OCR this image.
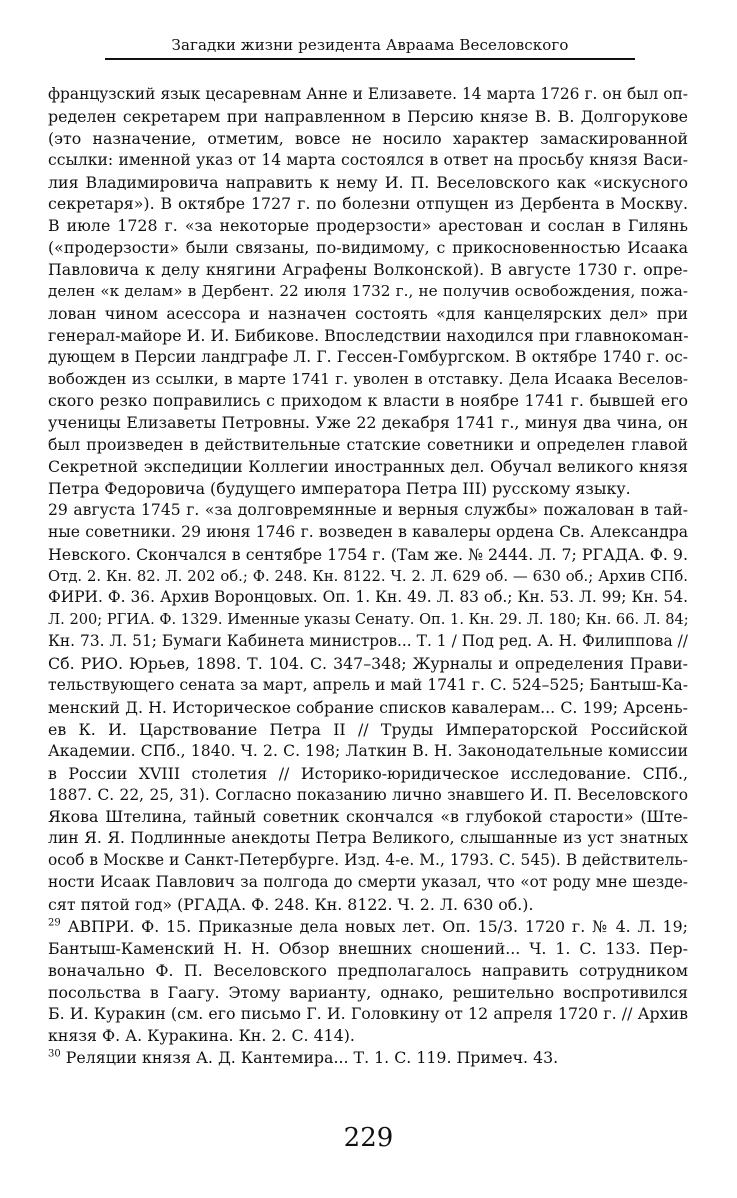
Загадки жизни резидента Авраама Веселовского
французский язык цесаревнам Анне и Елизавете. 14 марта 1726 г. он был оп-
ределен секретарем при направленном в Персию князе В. В. Долгорукове
(это назначение, отметим, вовсе не носило характер замаскированной
ссылки: именной указ от 14 марта состоялся в ответ на просьбу князя Васи-
лия Владимировича направить к нему И. П. Веселовского как «искусного
секретаря»). В октябре 1727 г. по болезни отпущен из Дербента в Москву.
В июле 1728 г. «за некоторые продерзости» арестован и сослан в Гилянь
(«продерзости» были связаны, по-видимому, с прикосновенностью Исаака
Павловича к делу княгини Аграфены Волконской). В августе 1730 г. опре-
делен «к делам» в Дербент. 22 июля 1732 г., не получив освобождения, пожа-
лован чином асессора и назначен состоять «для канцелярских дел» при
генерал-майоре И. И. Бибикове. Впоследствии находился при главнокоман-
дующем в Персии ландграфе Л. Г. Гессен-Гомбургском. В октябре 1740 г. ос-
вобожден из ссылки, в марте 1741 г. уволен в отставку. Дела Исаака Веселов-
ского резко поправились с приходом к власти в ноябре 1741 г. бывшей его
ученицы Елизаветы Петровны. Уже 22 декабря 1741 г., минуя два чина, он
был произведен в действительные статские советники и определен главой
Секретной экспедиции Коллегии иностранных дел. Обучал великого князя
Петра Федоровича (будущего императора Петра III) русскому языку.
29 августа 1745 г. «за долговремянные и верныя службы» пожалован в тай-
ные советники. 29 июня 1746 г. возведен в кавалеры ордена Св. Александра
Невского. Скончался в сентябре 1754 г. (Там же. № 2444. Л. 7; РГАДА. Ф. 9.
Отд. 2. Кн. 82. Л. 202 об.; Ф. 248. Кн. 8122. Ч. 2. Л. 629 об. — 630 об.; Архив СПб.
ФИРИ. Ф. 36. Архив Воронцовых. Оп. 1. Кн. 49. Л. 83 об.; Кн. 53. Л. 99; Кн. 54.
Л. 200; РГИА. Ф. 1329. Именные указы Сенату. Оп. 1. Кн. 29. Л. 180; Кн. 66. Л. 84;
Кн. 73. Л. 51; Бумаги Кабинета министров... Т. 1 / Под ред. А. Н. Филиппова //
Сб. РИО. Юрьев, 1898. Т. 104. С. 347–348; Журналы и определения Прави-
тельствующего сената за март, апрель и май 1741 г. С. 524–525; Бантыш-Ка-
менский Д. Н. Историческое собрание списков кавалерам... С. 199; Арсень-
ев К. И. Царствование Петра II // Труды Императорской Российской
Академии. СПб., 1840. Ч. 2. С. 198; Латкин В. Н. Законодательные комиссии
в России XVIII столетия // Историко-юридическое исследование. СПб.,
1887. С. 22, 25, 31). Согласно показанию лично знавшего И. П. Веселовского
Якова Штелина, тайный советник скончался «в глубокой старости» (Ште-
лин Я. Я. Подлинные анекдоты Петра Великого, слышанные из уст знатных
особ в Москве и Санкт-Петербурге. Изд. 4-е. М., 1793. С. 545). В действитель-
ности Исаак Павлович за полгода до смерти указал, что «от роду мне шезде-
сят пятой год» (РГАДА. Ф. 248. Кн. 8122. Ч. 2. Л. 630 об.).
$^{29}$ АВПРИ. Ф. 15. Приказные дела новых лет. Оп. 15/3. 1720 г. № 4. Л. 19;
Бантыш-Каменский Н. Н. Обзор внешних сношений... Ч. 1. С. 133. Пер-
воначально Ф. П. Веселовского предполагалось направить сотрудником
посольства в Гаагу. Этому варианту, однако, решительно воспротивился
Б. И. Куракин (см. его письмо Г. И. Головкину от 12 апреля 1720 г. // Архив
князя Ф. А. Куракина. Кн. 2. С. 414).
$^{30}$ Реляции князя А. Д. Кантемира... Т. 1. С. 119. Примеч. 43.
229
